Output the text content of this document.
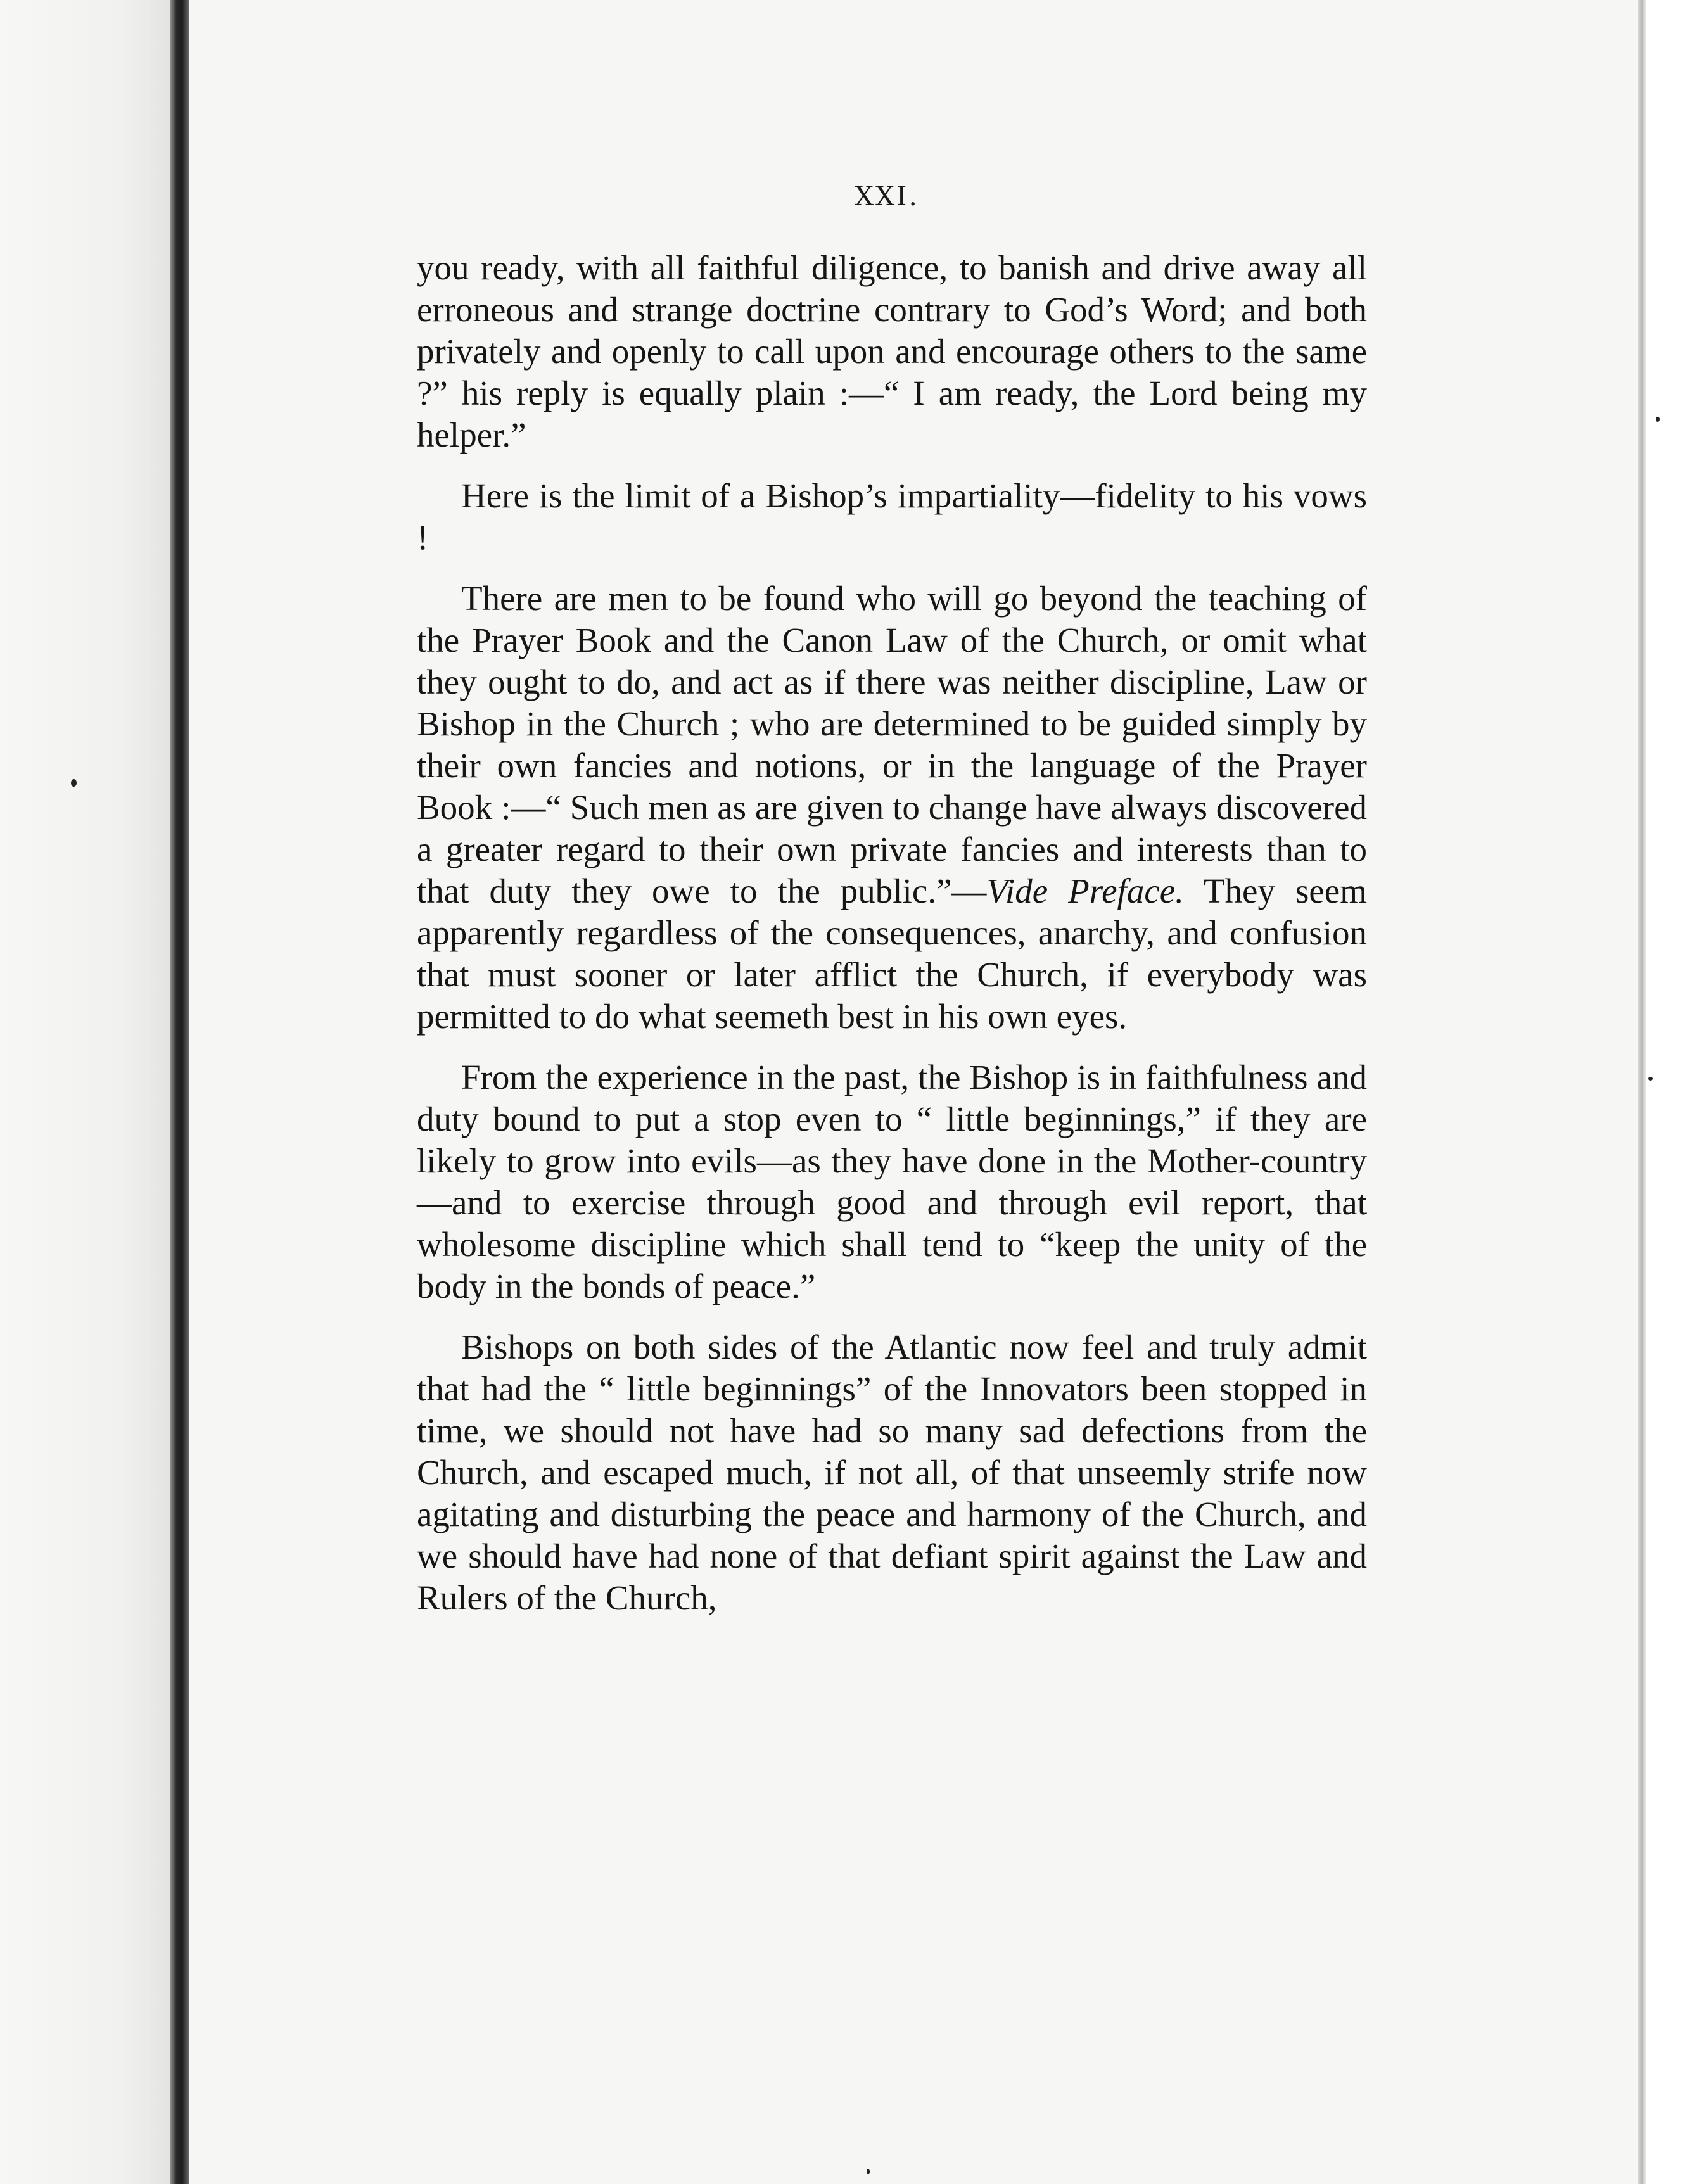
XXI.

you ready, with all faithful diligence, to banish and drive away all erroneous and strange doctrine contrary to God’s Word; and both privately and openly to call upon and encourage others to the same ?” his reply is equally plain :—“ I am ready, the Lord being my helper.”

Here is the limit of a Bishop’s impartiality—fidelity to his vows !

There are men to be found who will go beyond the teaching of the Prayer Book and the Canon Law of the Church, or omit what they ought to do, and act as if there was neither discipline, Law or Bishop in the Church ; who are determined to be guided simply by their own fancies and notions, or in the language of the Prayer Book :—“ Such men as are given to change have always discovered a greater regard to their own private fancies and interests than to that duty they owe to the public.”—Vide Preface. They seem apparently regardless of the consequences, anarchy, and confusion that must sooner or later afflict the Church, if everybody was permitted to do what seemeth best in his own eyes.

From the experience in the past, the Bishop is in faithfulness and duty bound to put a stop even to “ little beginnings,” if they are likely to grow into evils—as they have done in the Mother-country—and to exercise through good and through evil report, that wholesome discipline which shall tend to “keep the unity of the body in the bonds of peace.”

Bishops on both sides of the Atlantic now feel and truly admit that had the “ little beginnings” of the Innovators been stopped in time, we should not have had so many sad defections from the Church, and escaped much, if not all, of that unseemly strife now agitating and disturbing the peace and harmony of the Church, and we should have had none of that defiant spirit against the Law and Rulers of the Church,
